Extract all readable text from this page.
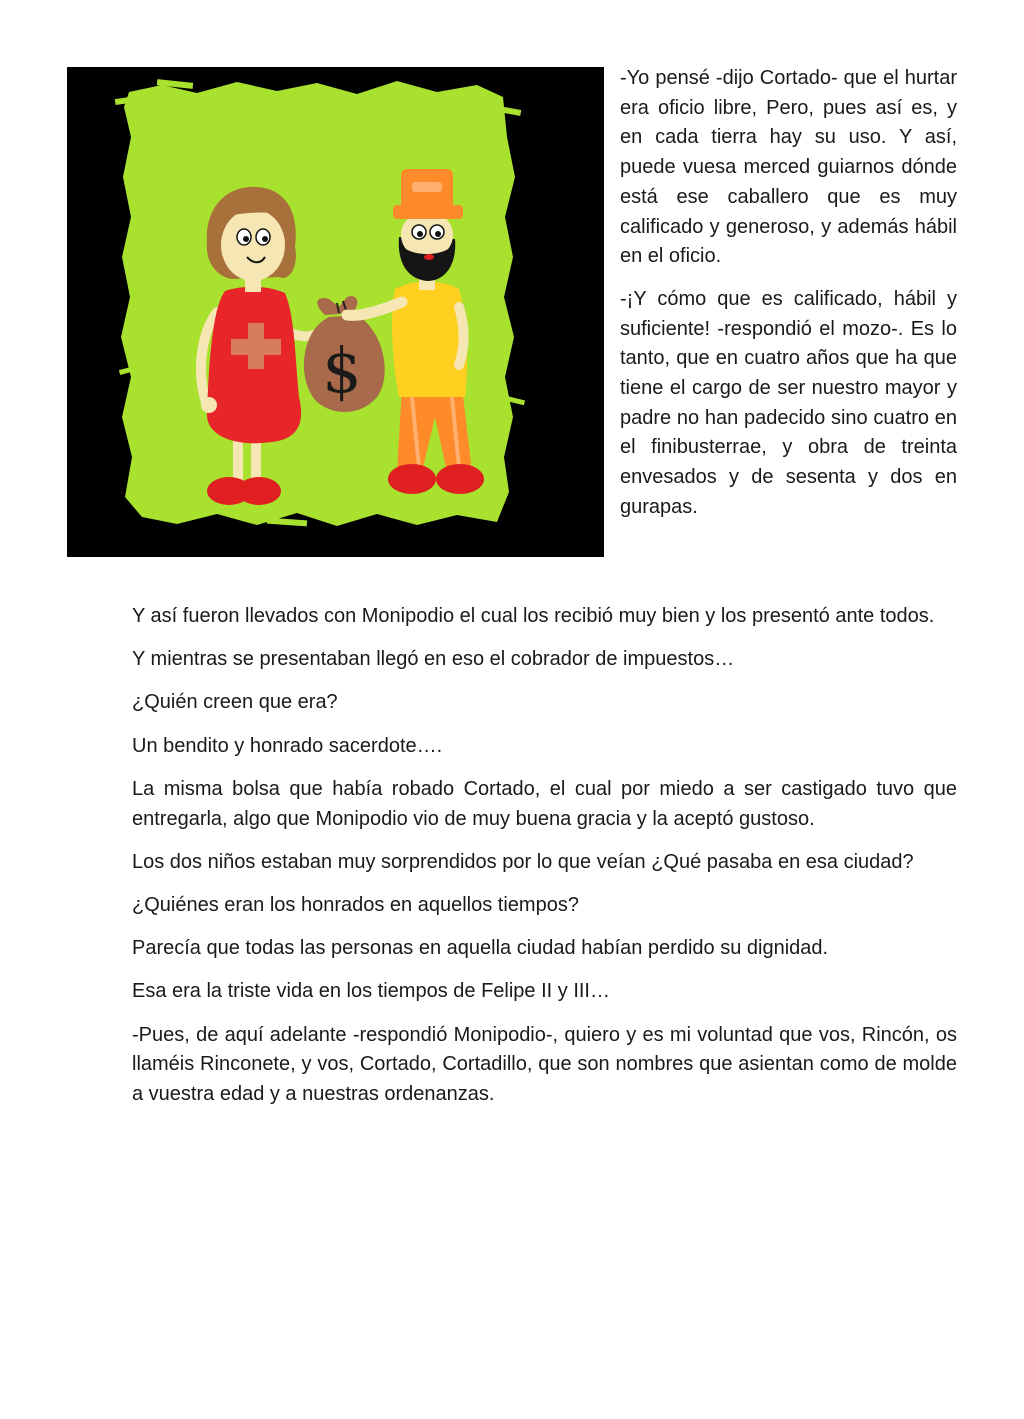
$

-Yo pensé -dijo Cortado- que el hurtar era oficio libre, Pero, pues así es, y en cada tierra hay su uso. Y así, puede vuesa merced guiarnos dónde está ese caballero que es muy calificado y generoso, y además hábil en el oficio.

-¡Y cómo que es calificado, hábil y suficiente! -respondió el mozo-. Es lo tanto, que en cuatro años que ha que tiene el cargo de ser nuestro mayor y padre no han padecido sino cuatro en el finibusterrae, y obra de treinta envesados y de sesenta y dos en gurapas.

Y así fueron llevados con Monipodio el cual los recibió muy bien y los presentó ante todos.

Y mientras se presentaban llegó en eso el cobrador de impuestos…

¿Quién creen que era?

Un bendito y honrado sacerdote….

La misma bolsa que había robado Cortado, el cual por miedo a ser castigado tuvo que entregarla, algo que Monipodio vio de muy buena gracia y la aceptó gustoso.

Los dos niños estaban muy sorprendidos por lo que veían ¿Qué pasaba en esa ciudad?

¿Quiénes eran los honrados en aquellos tiempos?

Parecía que todas las personas en aquella ciudad habían perdido su dignidad.

Esa era la triste vida en los tiempos de Felipe II y III…

-Pues, de aquí adelante -respondió Monipodio-, quiero y es mi voluntad que vos, Rincón, os llaméis Rinconete, y vos, Cortado, Cortadillo, que son nombres que asientan como de molde a vuestra edad y a nuestras ordenanzas.
